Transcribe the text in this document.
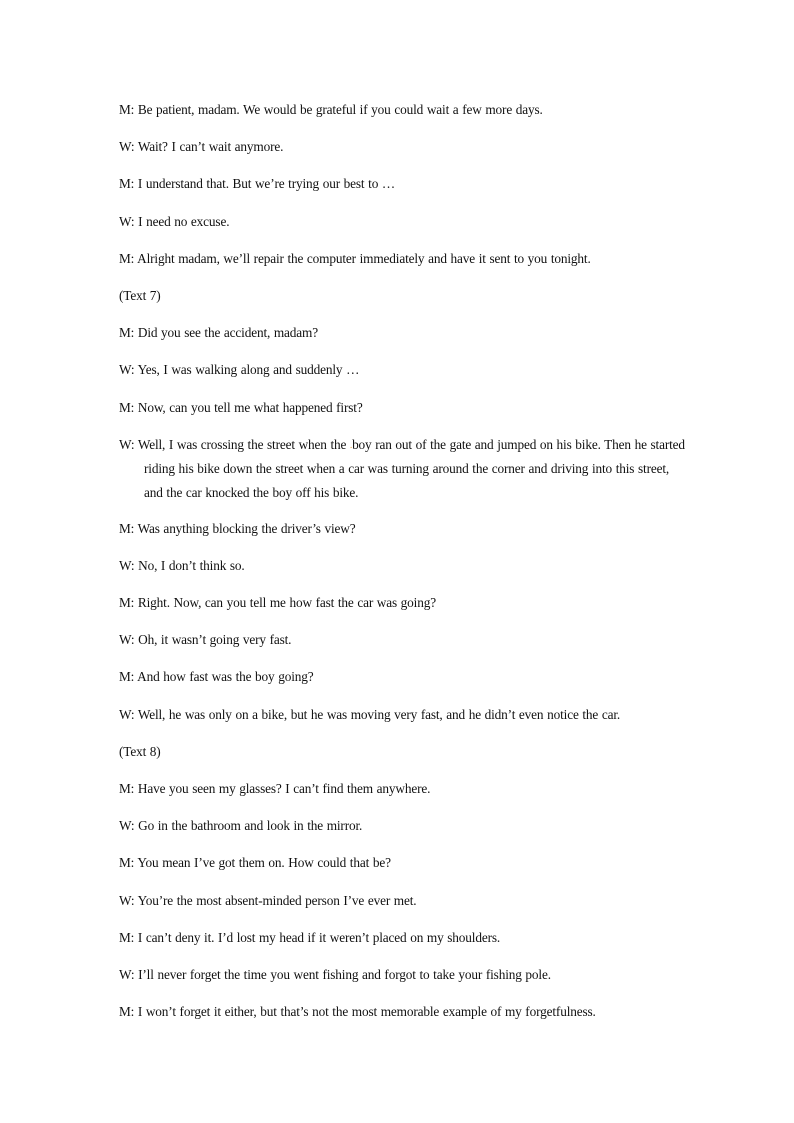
M: Be patient, madam. We would be grateful if you could wait a few more days.
W: Wait? I can’t wait anymore.
M: I understand that. But we’re trying our best to …
W: I need no excuse.
M: Alright madam, we’ll repair the computer immediately and have it sent to you tonight.
(Text 7)
M: Did you see the accident, madam?
W: Yes, I was walking along and suddenly …
M: Now, can you tell me what happened first?
W: Well, I was crossing the street when the .boy ran out of the gate and jumped on his bike. Then he started riding his bike down the street when a car was turning around the corner and driving into this street, and the car knocked the boy off his bike.
M: Was anything blocking the driver’s view?
W: No, I don’t think so.
M: Right. Now, can you tell me how fast the car was going?
W: Oh, it wasn’t going very fast.
M: And how fast was the boy going?
W: Well, he was only on a bike, but he was moving very fast, and he didn’t even notice the car.
(Text 8)
M: Have you seen my glasses? I can’t find them anywhere.
W: Go in the bathroom and look in the mirror.
M: You mean I’ve got them on. How could that be?
W: You’re the most absent-minded person I’ve ever met.
M: I can’t deny it. I’d lost my head if it weren’t placed on my shoulders.
W: I’ll never forget the time you went fishing and forgot to take your fishing pole.
M: I won’t forget it either, but that’s not the most memorable example of my forgetfulness.
